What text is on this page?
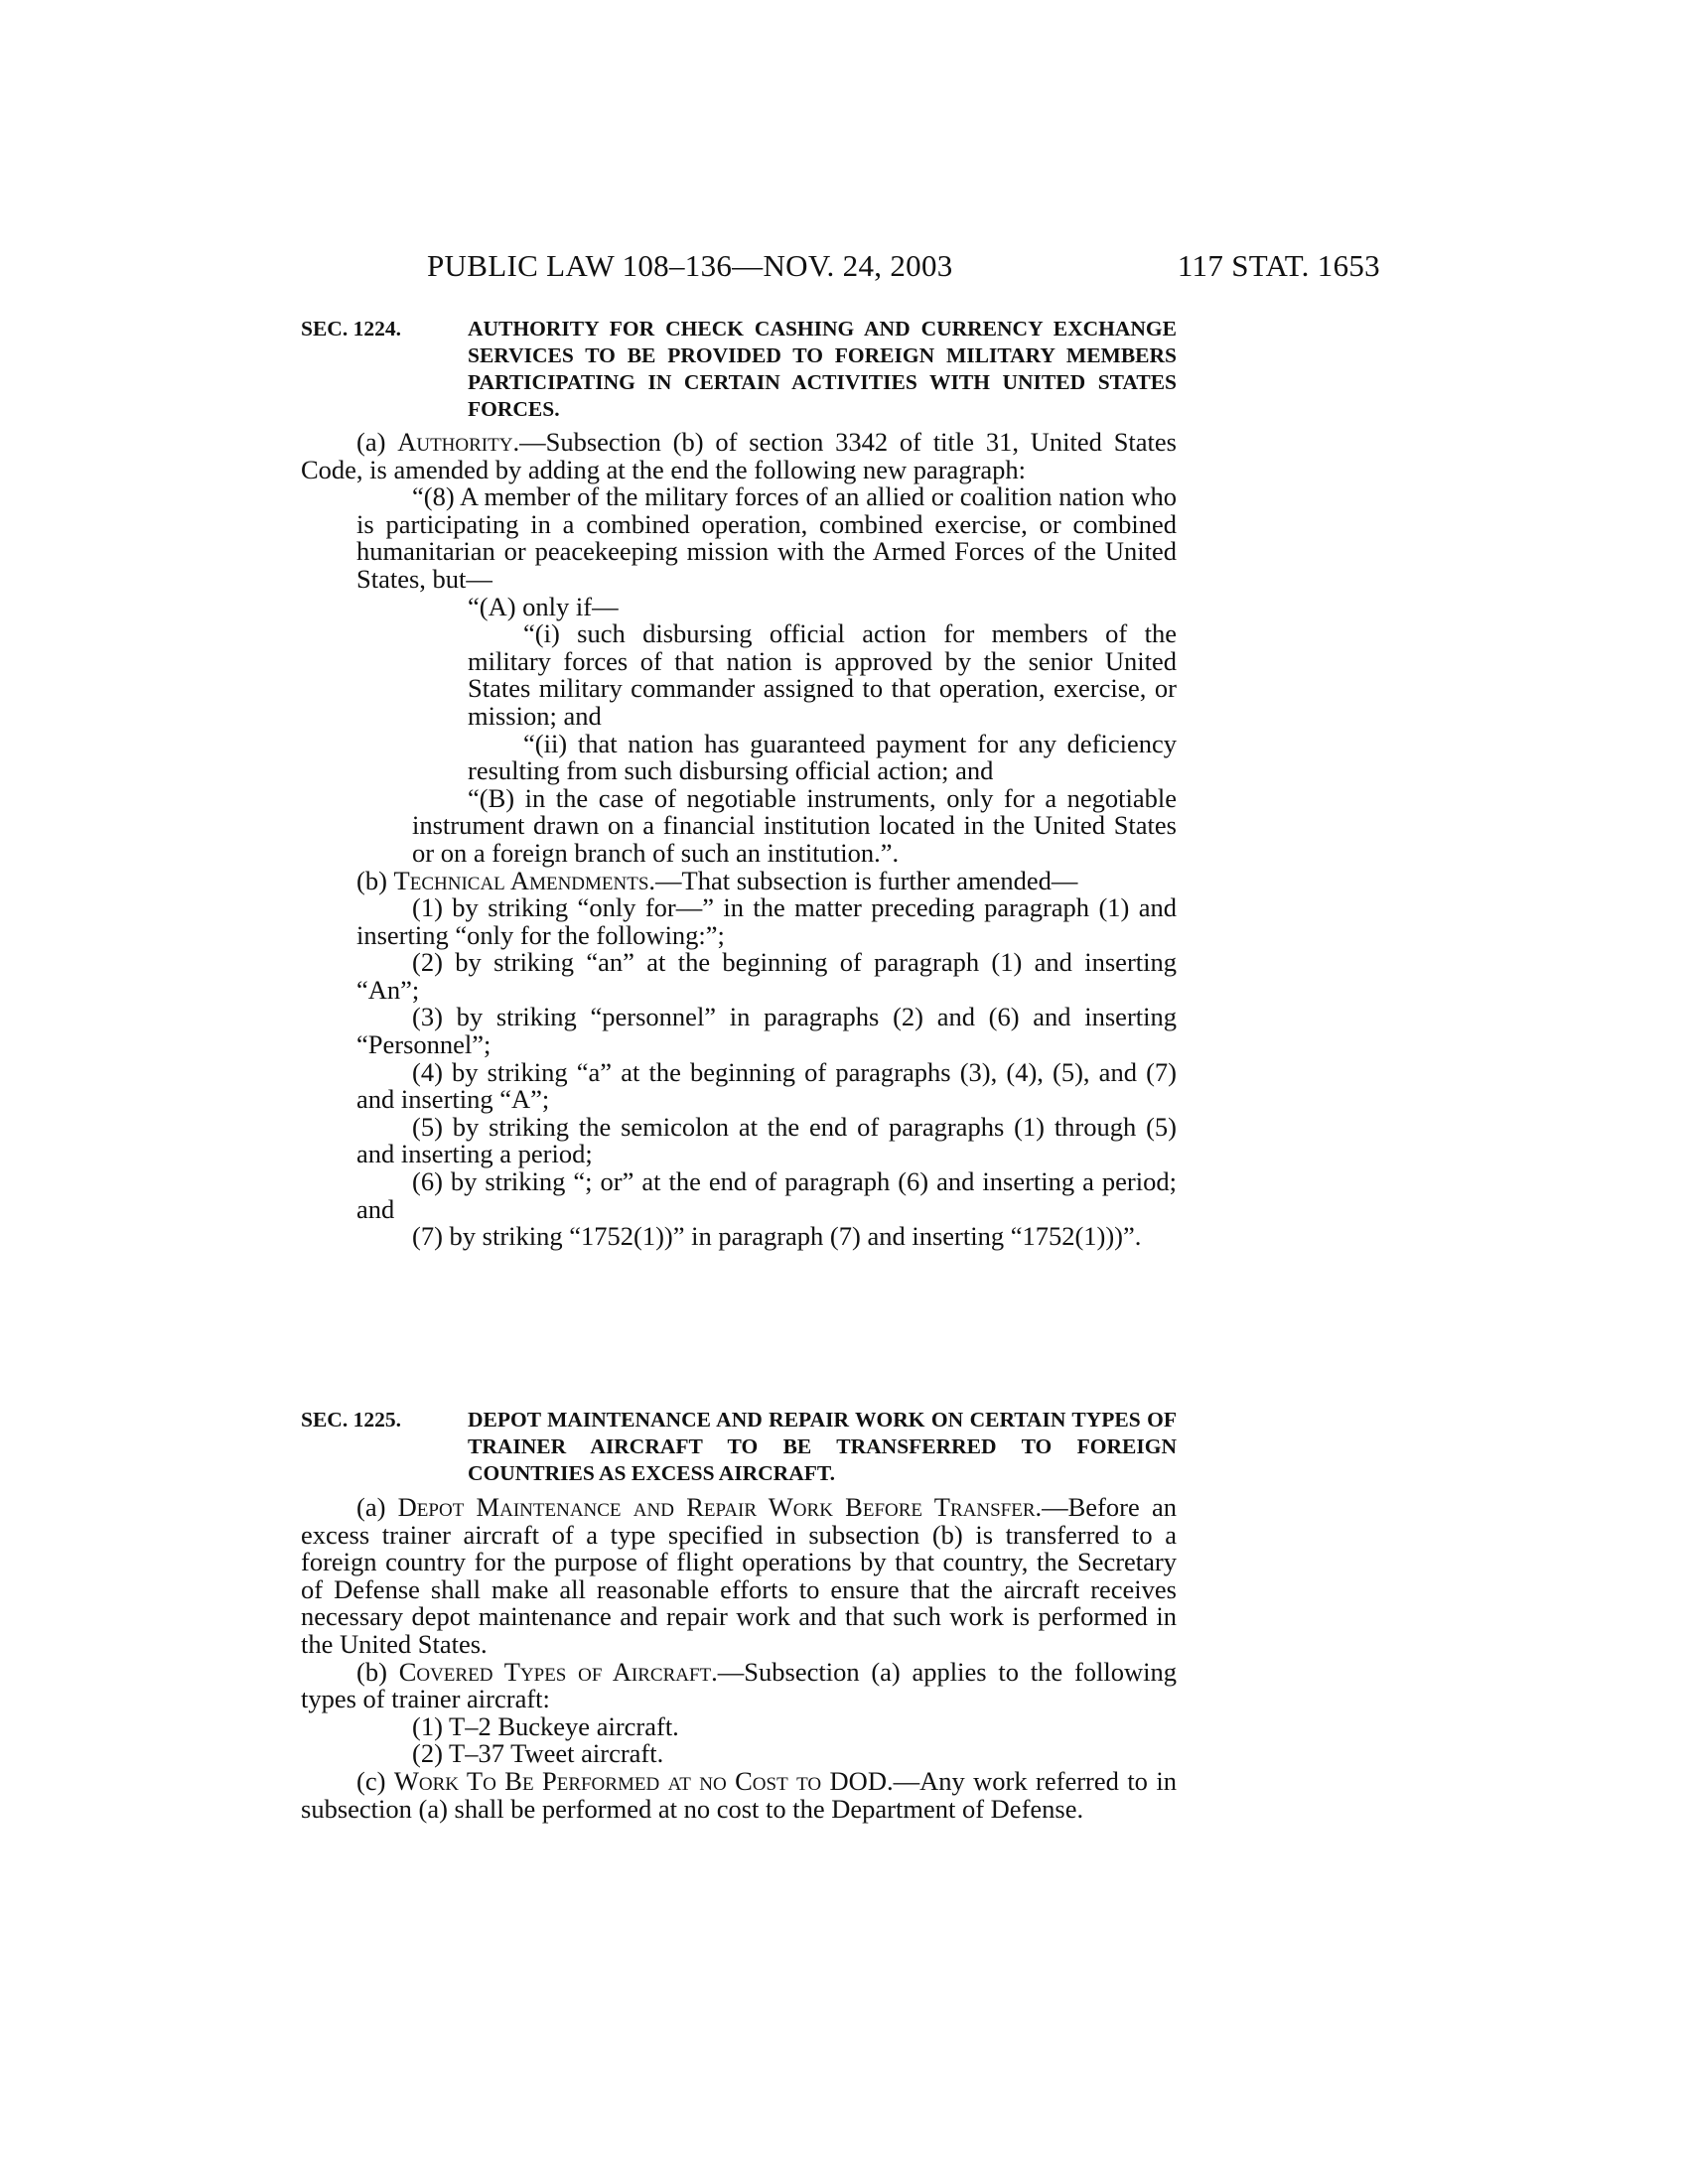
PUBLIC LAW 108–136—NOV. 24, 2003	117 STAT. 1653
SEC. 1224.	AUTHORITY FOR CHECK CASHING AND CURRENCY EXCHANGE SERVICES TO BE PROVIDED TO FOREIGN MILITARY MEMBERS PARTICIPATING IN CERTAIN ACTIVITIES WITH UNITED STATES FORCES.

(a) Authority.—Subsection (b) of section 3342 of title 31, United States Code, is amended by adding at the end the following new paragraph:

“(8) A member of the military forces of an allied or coalition nation who is participating in a combined operation, combined exercise, or combined humanitarian or peacekeeping mission with the Armed Forces of the United States, but—

“(A) only if—

“(i) such disbursing official action for members of the military forces of that nation is approved by the senior United States military commander assigned to that operation, exercise, or mission; and

“(ii) that nation has guaranteed payment for any deficiency resulting from such disbursing official action; and

“(B) in the case of negotiable instruments, only for a negotiable instrument drawn on a financial institution located in the United States or on a foreign branch of such an institution.”.

(b) Technical Amendments.—That subsection is further amended—

(1) by striking “only for—” in the matter preceding paragraph (1) and inserting “only for the following:”;

(2) by striking “an” at the beginning of paragraph (1) and inserting “An”;

(3) by striking “personnel” in paragraphs (2) and (6) and inserting “Personnel”;

(4) by striking “a” at the beginning of paragraphs (3), (4), (5), and (7) and inserting “A”;

(5) by striking the semicolon at the end of paragraphs (1) through (5) and inserting a period;

(6) by striking “; or” at the end of paragraph (6) and inserting a period; and

(7) by striking “1752(1))” in paragraph (7) and inserting “1752(1)))”.

SEC. 1225.	DEPOT MAINTENANCE AND REPAIR WORK ON CERTAIN TYPES OF TRAINER AIRCRAFT TO BE TRANSFERRED TO FOREIGN COUNTRIES AS EXCESS AIRCRAFT.

(a) Depot Maintenance and Repair Work Before Transfer.—Before an excess trainer aircraft of a type specified in subsection (b) is transferred to a foreign country for the purpose of flight operations by that country, the Secretary of Defense shall make all reasonable efforts to ensure that the aircraft receives necessary depot maintenance and repair work and that such work is performed in the United States.

(b) Covered Types of Aircraft.—Subsection (a) applies to the following types of trainer aircraft:

(1) T–2 Buckeye aircraft.

(2) T–37 Tweet aircraft.

(c) Work To Be Performed at no Cost to DOD.—Any work referred to in subsection (a) shall be performed at no cost to the Department of Defense.
